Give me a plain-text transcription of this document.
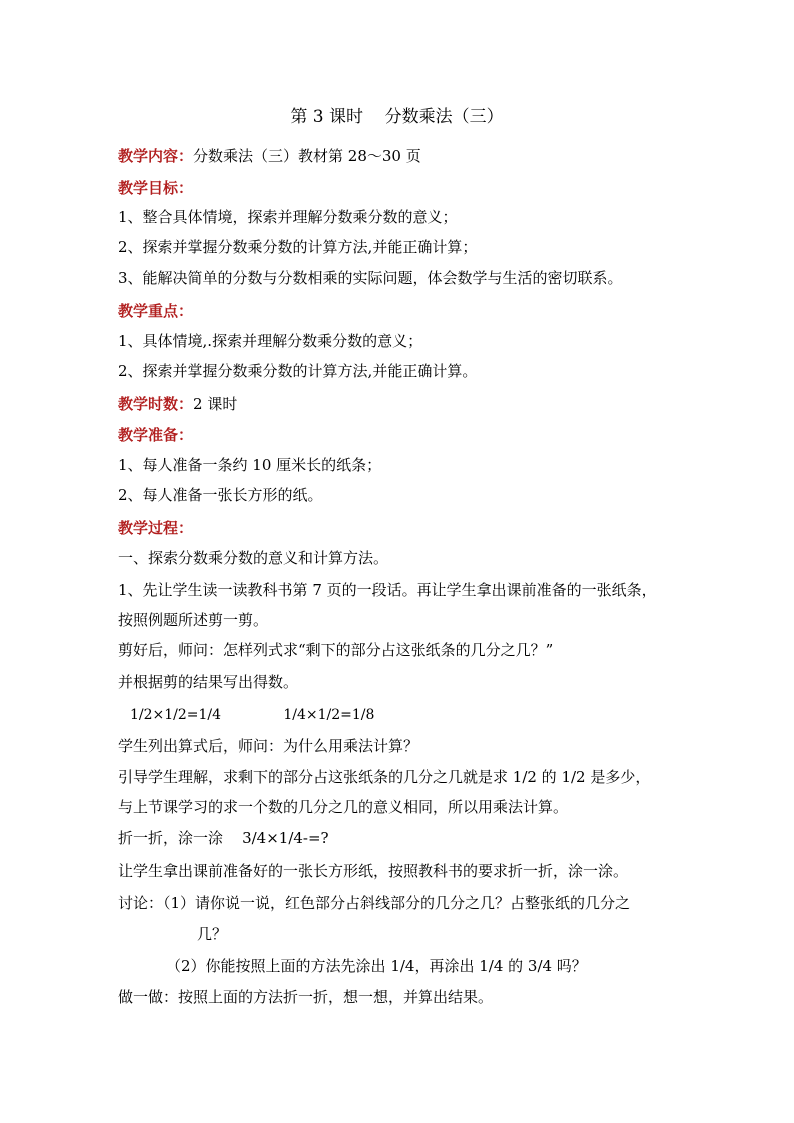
第 3 课时    分数乘法（三）
教学内容：分数乘法（三）教材第 28～30 页
教学目标：
1、整合具体情境，探索并理解分数乘分数的意义；
2、探索并掌握分数乘分数的计算方法,并能正确计算；
3、能解决简单的分数与分数相乘的实际问题，体会数学与生活的密切联系。
教学重点：
1、具体情境,.探索并理解分数乘分数的意义；
2、探索并掌握分数乘分数的计算方法,并能正确计算。
教学时数：2 课时
教学准备：
1、每人准备一条约 10 厘米长的纸条；
2、每人准备一张长方形的纸。
教学过程：
一、探索分数乘分数的意义和计算方法。
1、先让学生读一读教科书第 7 页的一段话。再让学生拿出课前准备的一张纸条，
按照例题所述剪一剪。
剪好后，师问：怎样列式求“剩下的部分占这张纸条的几分之几？”
并根据剪的结果写出得数。
1/2×1/2=1/4              1/4×1/2=1/8
学生列出算式后，师问：为什么用乘法计算？
引导学生理解，求剩下的部分占这张纸条的几分之几就是求 1/2 的 1/2 是多少，
与上节课学习的求一个数的几分之几的意义相同，所以用乘法计算。
折一折，涂一涂    3/4×1/4-=?
让学生拿出课前准备好的一张长方形纸，按照教科书的要求折一折，涂一涂。
讨论：（1）请你说一说，红色部分占斜线部分的几分之几？占整张纸的几分之
几？
（2）你能按照上面的方法先涂出 1/4，再涂出 1/4 的 3/4 吗？
做一做：按照上面的方法折一折，想一想，并算出结果。
